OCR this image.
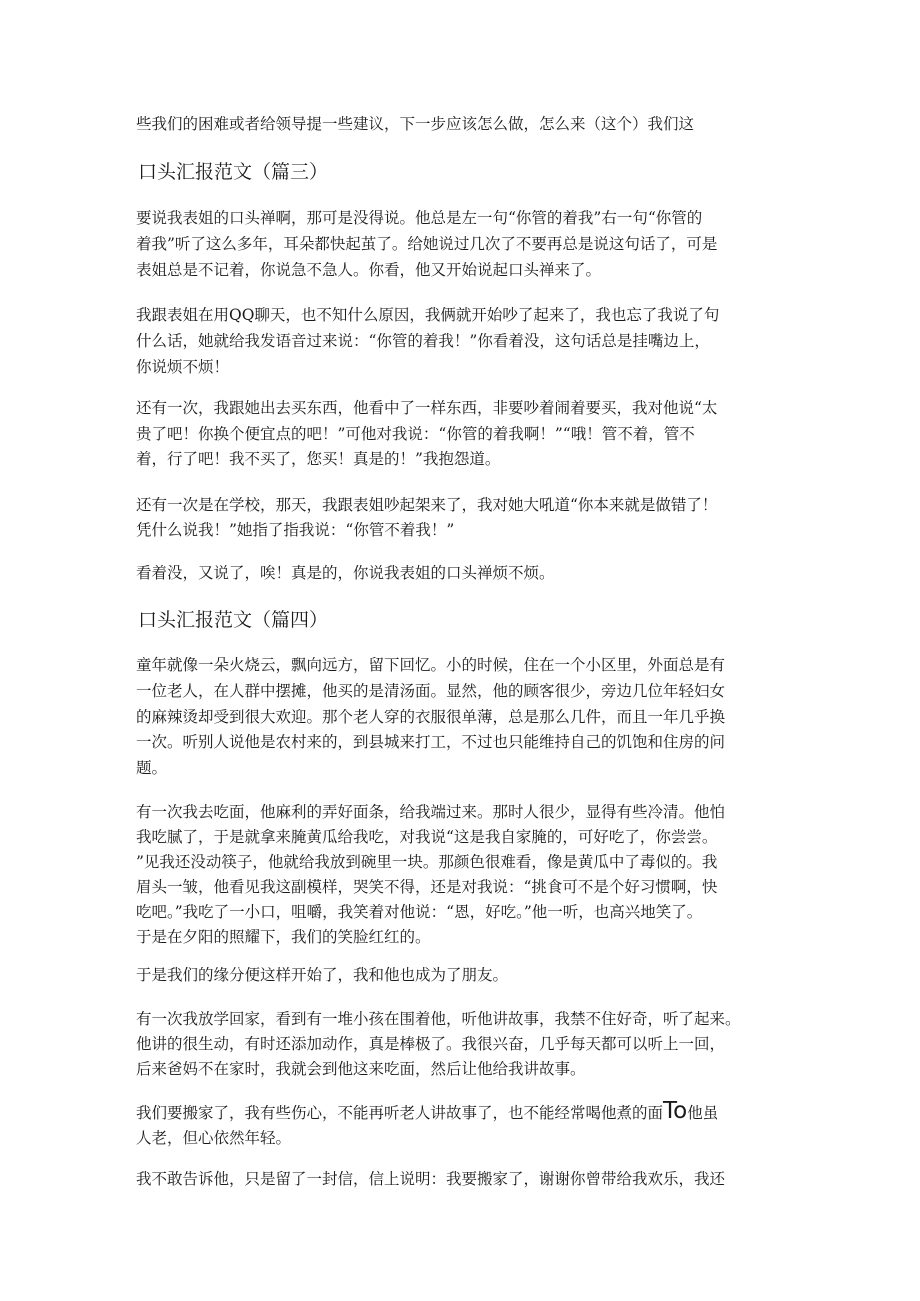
些我们的困难或者给领导提一些建议，下一步应该怎么做，怎么来（这个）我们这
口头汇报范文（篇三）
要说我表姐的口头禅啊，那可是没得说。他总是左一句“你管的着我”右一句“你管的
着我”听了这么多年，耳朵都快起茧了。给她说过几次了不要再总是说这句话了，可是
表姐总是不记着，你说急不急人。你看，他又开始说起口头禅来了。
我跟表姐在用QQ聊天，也不知什么原因，我俩就开始吵了起来了，我也忘了我说了句
什么话，她就给我发语音过来说：“你管的着我！”你看着没，这句话总是挂嘴边上，
你说烦不烦！
还有一次，我跟她出去买东西，他看中了一样东西，非要吵着闹着要买，我对他说“太
贵了吧！你换个便宜点的吧！”可他对我说：“你管的着我啊！”“哦！管不着，管不
着，行了吧！我不买了，您买！真是的！”我抱怨道。
还有一次是在学校，那天，我跟表姐吵起架来了，我对她大吼道“你本来就是做错了！
凭什么说我！”她指了指我说：“你管不着我！”
看着没，又说了，唉！真是的，你说我表姐的口头禅烦不烦。
口头汇报范文（篇四）
童年就像一朵火烧云，飘向远方，留下回忆。小的时候，住在一个小区里，外面总是有
一位老人，在人群中摆摊，他买的是清汤面。显然，他的顾客很少，旁边几位年轻妇女
的麻辣烫却受到很大欢迎。那个老人穿的衣服很单薄，总是那么几件，而且一年几乎换
一次。听别人说他是农村来的，到县城来打工，不过也只能维持自己的饥饱和住房的问
题。
有一次我去吃面，他麻利的弄好面条，给我端过来。那时人很少，显得有些冷清。他怕
我吃腻了，于是就拿来腌黄瓜给我吃，对我说“这是我自家腌的，可好吃了，你尝尝。
”见我还没动筷子，他就给我放到碗里一块。那颜色很难看，像是黄瓜中了毒似的。我
眉头一皱，他看见我这副模样，哭笑不得，还是对我说：“挑食可不是个好习惯啊，快
吃吧。”我吃了一小口，咀嚼，我笑着对他说：“恩，好吃。”他一听，也高兴地笑了。
于是在夕阳的照耀下，我们的笑脸红红的。
于是我们的缘分便这样开始了，我和他也成为了朋友。
有一次我放学回家，看到有一堆小孩在围着他，听他讲故事，我禁不住好奇，听了起来。
他讲的很生动，有时还添加动作，真是棒极了。我很兴奋，几乎每天都可以听上一回，
后来爸妈不在家时，我就会到他这来吃面，然后让他给我讲故事。
我们要搬家了，我有些伤心，不能再听老人讲故事了，也不能经常喝他煮的面To他虽
人老，但心依然年轻。
我不敢告诉他，只是留了一封信，信上说明：我要搬家了，谢谢你曾带给我欢乐，我还
